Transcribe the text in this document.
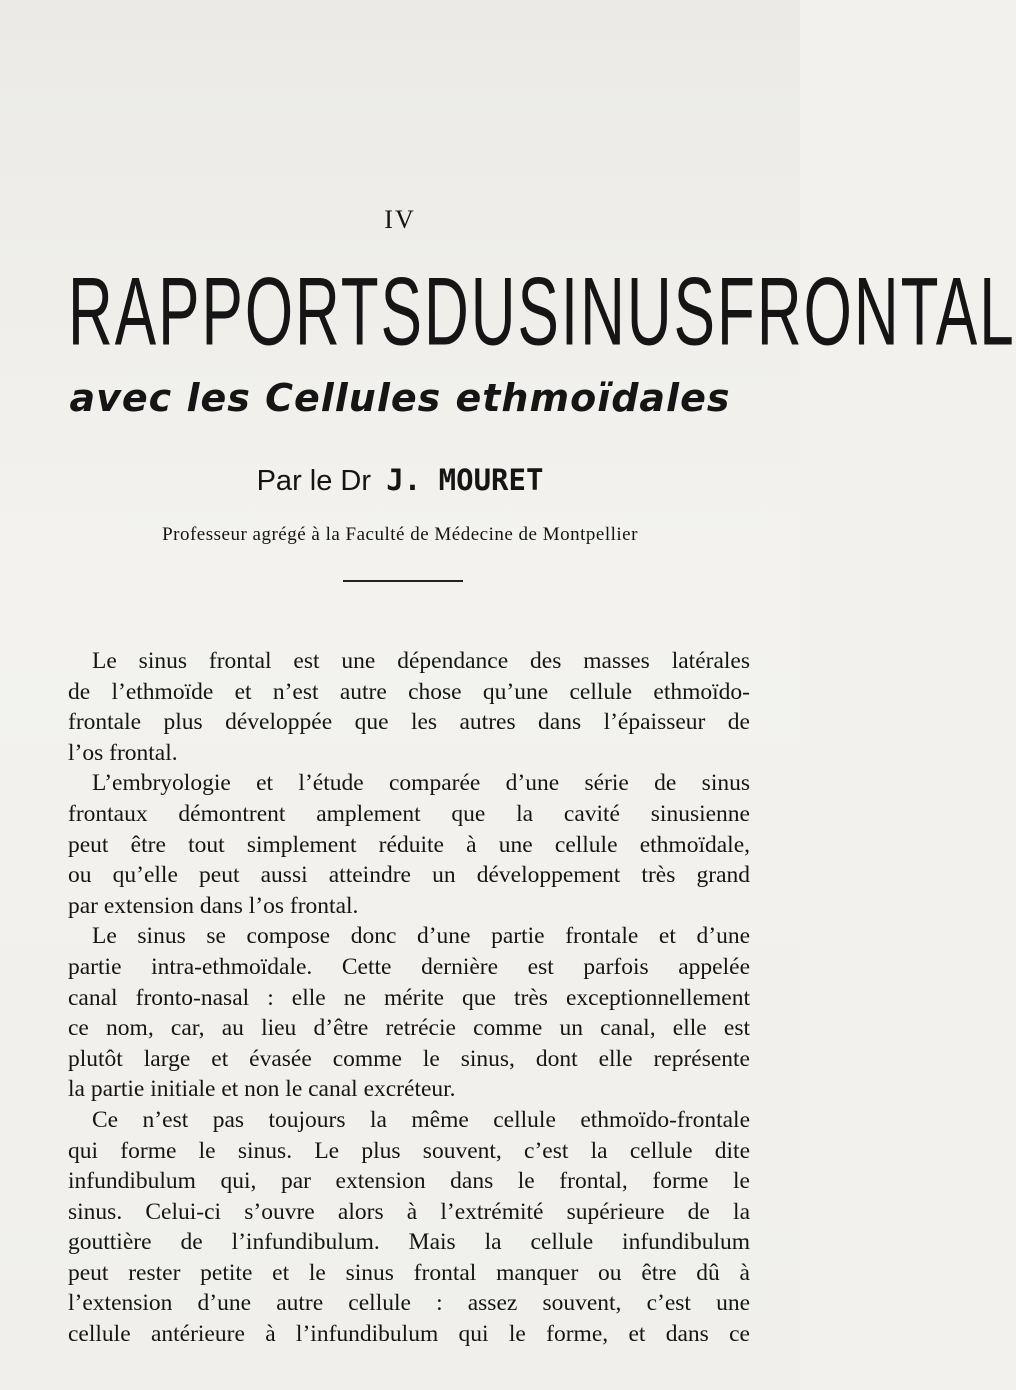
IV
RAPPORTS DU SINUS FRONTAL
avec les Cellules ethmoïdales
Par le Dr J. MOURET
Professeur agrégé à la Faculté de Médecine de Montpellier
Le sinus frontal est une dépendance des masses latérales
de l’ethmoïde et n’est autre chose qu’une cellule ethmoïdo-
frontale plus développée que les autres dans l’épaisseur de
l’os frontal.
L’embryologie et l’étude comparée d’une série de sinus
frontaux démontrent amplement que la cavité sinusienne
peut être tout simplement réduite à une cellule ethmoïdale,
ou qu’elle peut aussi atteindre un développement très grand
par extension dans l’os frontal.
Le sinus se compose donc d’une partie frontale et d’une
partie intra-ethmoïdale. Cette dernière est parfois appelée
canal fronto-nasal : elle ne mérite que très exceptionnellement
ce nom, car, au lieu d’être retrécie comme un canal, elle est
plutôt large et évasée comme le sinus, dont elle représente
la partie initiale et non le canal excréteur.
Ce n’est pas toujours la même cellule ethmoïdo-frontale
qui forme le sinus. Le plus souvent, c’est la cellule dite
infundibulum qui, par extension dans le frontal, forme le
sinus. Celui-ci s’ouvre alors à l’extrémité supérieure de la
gouttière de l’infundibulum. Mais la cellule infundibulum
peut rester petite et le sinus frontal manquer ou être dû à
l’extension d’une autre cellule : assez souvent, c’est une
cellule antérieure à l’infundibulum qui le forme, et dans ce
